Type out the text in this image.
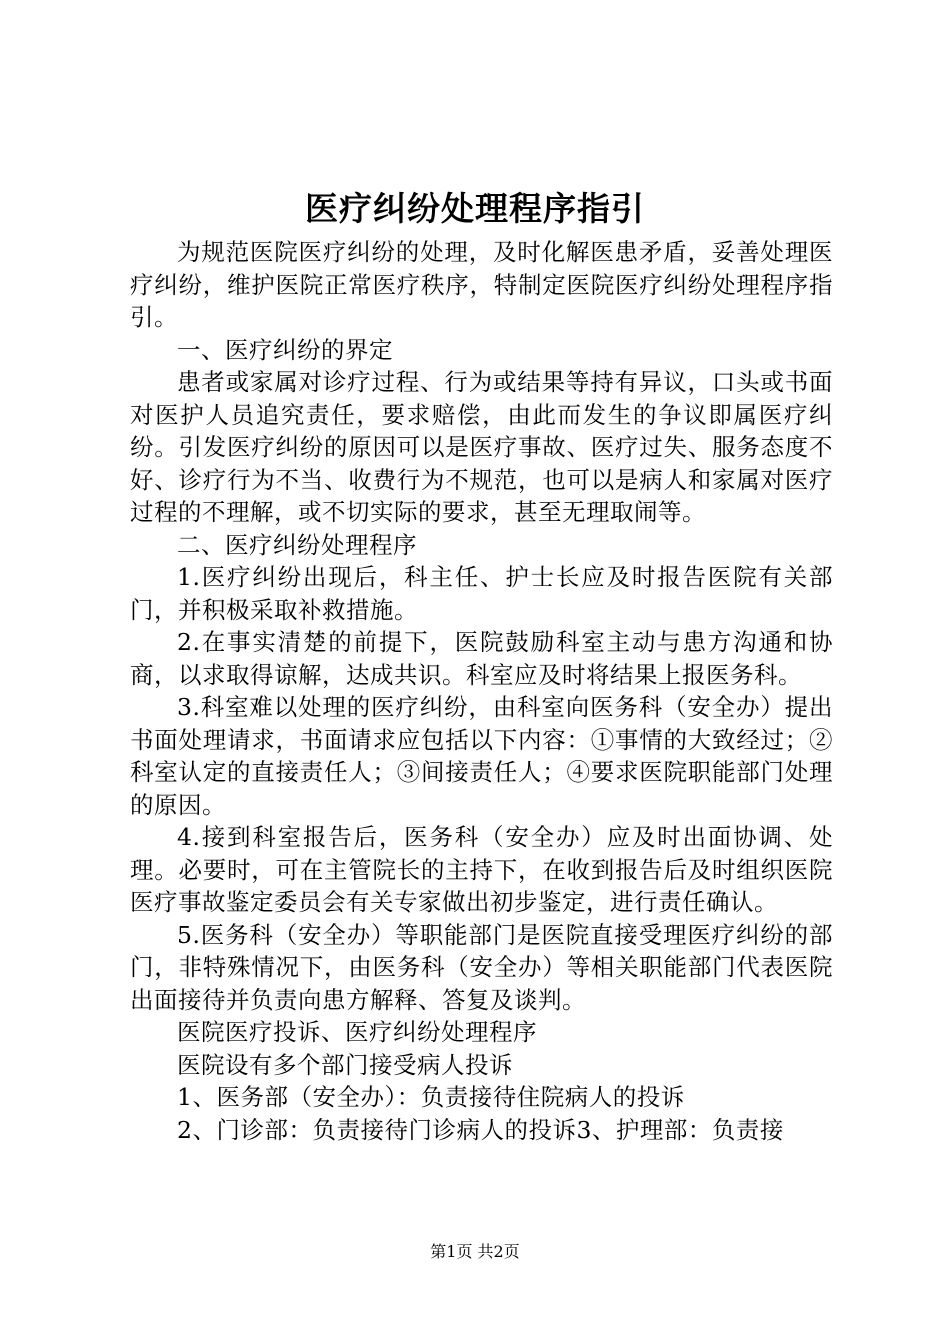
医疗纠纷处理程序指引

为规范医院医疗纠纷的处理，及时化解医患矛盾，妥善处理医疗纠纷，维护医院正常医疗秩序，特制定医院医疗纠纷处理程序指引。

一、医疗纠纷的界定

患者或家属对诊疗过程、行为或结果等持有异议，口头或书面对医护人员追究责任，要求赔偿，由此而发生的争议即属医疗纠纷。引发医疗纠纷的原因可以是医疗事故、医疗过失、服务态度不好、诊疗行为不当、收费行为不规范，也可以是病人和家属对医疗过程的不理解，或不切实际的要求，甚至无理取闹等。

二、医疗纠纷处理程序

1.医疗纠纷出现后，科主任、护士长应及时报告医院有关部门，并积极采取补救措施。

2.在事实清楚的前提下，医院鼓励科室主动与患方沟通和协商，以求取得谅解，达成共识。科室应及时将结果上报医务科。

3.科室难以处理的医疗纠纷，由科室向医务科（安全办）提出书面处理请求，书面请求应包括以下内容：①事情的大致经过；②科室认定的直接责任人；③间接责任人；④要求医院职能部门处理的原因。

4.接到科室报告后，医务科（安全办）应及时出面协调、处理。必要时，可在主管院长的主持下，在收到报告后及时组织医院医疗事故鉴定委员会有关专家做出初步鉴定，进行责任确认。

5.医务科（安全办）等职能部门是医院直接受理医疗纠纷的部门，非特殊情况下，由医务科（安全办）等相关职能部门代表医院出面接待并负责向患方解释、答复及谈判。

医院医疗投诉、医疗纠纷处理程序

医院设有多个部门接受病人投诉

1、医务部（安全办）：负责接待住院病人的投诉

2、门诊部：负责接待门诊病人的投诉3、护理部：负责接

第1页 共2页
